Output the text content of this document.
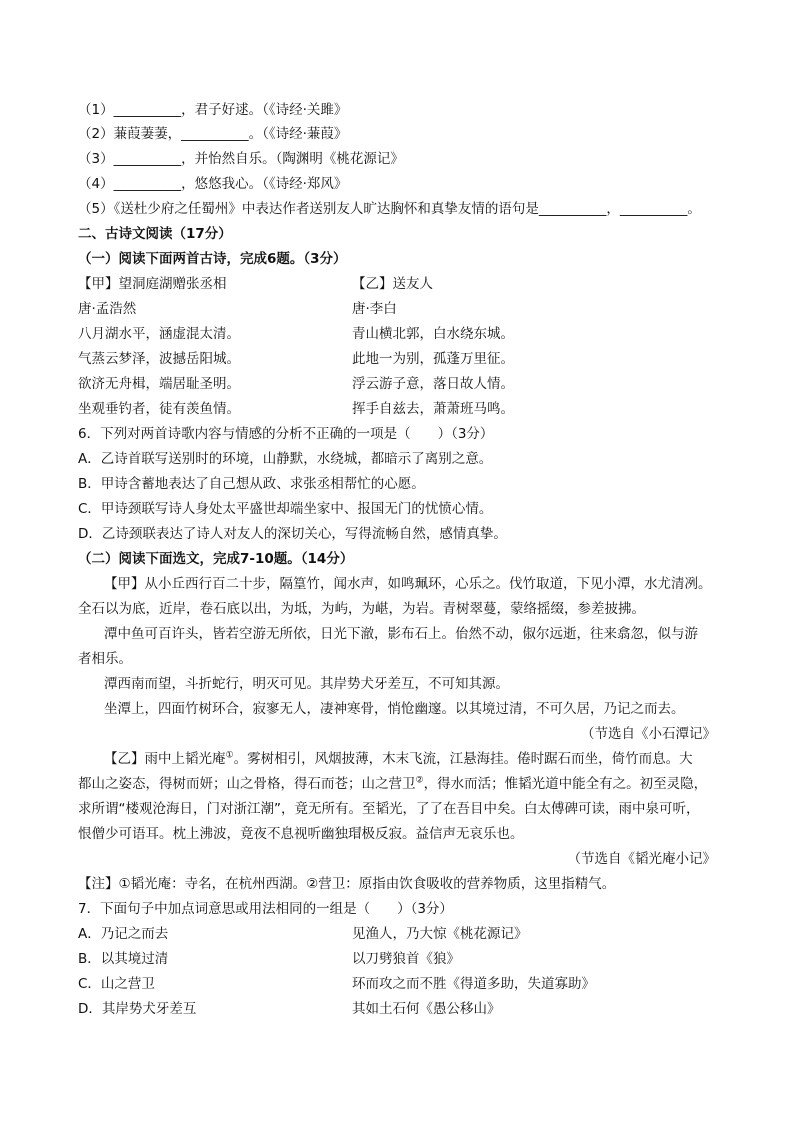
（1）__________，君子好逑。（《诗经·关雎》
（2）蒹葭萋萋，__________。（《诗经·蒹葭》
（3）__________，并怡然自乐。（陶渊明《桃花源记》
（4）__________，悠悠我心。（《诗经·郑风》
（5）《送杜少府之任蜀州》中表达作者送别友人旷达胸怀和真挚友情的语句是__________，__________。
二、古诗文阅读（17分）
（一）阅读下面两首古诗，完成6题。（3分）
【甲】望洞庭湖赠张丞相	【乙】送友人
唐·孟浩然	唐·李白
八月湖水平，涵虚混太清。	青山横北郭，白水绕东城。
气蒸云梦泽，波撼岳阳城。	此地一为别，孤蓬万里征。
欲济无舟楫，端居耻圣明。	浮云游子意，落日故人情。
坐观垂钓者，徒有羡鱼情。	挥手自兹去，萧萧班马鸣。
6．下列对两首诗歌内容与情感的分析不正确的一项是（　　）（3分）
A．乙诗首联写送别时的环境，山静默，水绕城，都暗示了离别之意。
B．甲诗含蓄地表达了自己想从政、求张丞相帮忙的心愿。
C．甲诗颈联写诗人身处太平盛世却端坐家中、报国无门的忧愤心情。
D．乙诗颈联表达了诗人对友人的深切关心，写得流畅自然，感情真挚。
（二）阅读下面选文，完成7-10题。（14分）
【甲】从小丘西行百二十步，隔篁竹，闻水声，如鸣珮环，心乐之。伐竹取道，下见小潭，水尤清冽。
全石以为底，近岸，卷石底以出，为坻，为屿，为嵁，为岩。青树翠蔓，蒙络摇缀，参差披拂。
潭中鱼可百许头，皆若空游无所依，日光下澈，影布石上。佁然不动，俶尔远逝，往来翕忽，似与游
者相乐。
潭西南而望，斗折蛇行，明灭可见。其岸势犬牙差互，不可知其源。
坐潭上，四面竹树环合，寂寥无人，凄神寒骨，悄怆幽邃。以其境过清，不可久居，乃记之而去。
（节选自《小石潭记》
【乙】雨中上韬光庵①。雾树相引，风烟披薄，木末飞流，江悬海挂。倦时踞石而坐，倚竹而息。大
都山之姿态，得树而妍；山之骨格，得石而苍；山之营卫②，得水而活；惟韬光道中能全有之。初至灵隐，
求所谓“楼观沧海日，门对浙江潮”，竟无所有。至韬光，了了在吾目中矣。白太傅碑可读，雨中泉可听，
恨僧少可语耳。枕上沸波，竟夜不息视听幽独瑁极反寂。益信声无哀乐也。
（节选自《韬光庵小记》
【注】①韬光庵：寺名，在杭州西湖。②营卫：原指由饮食吸收的营养物质，这里指精气。
7．下面句子中加点词意思或用法相同的一组是（　　）（3分）
A．乃记之而去	见渔人，乃大惊《桃花源记》
B．以其境过清	以刀劈狼首《狼》
C．山之营卫	环而攻之而不胜《得道多助，失道寡助》
D．其岸势犬牙差互	其如土石何《愚公移山》
